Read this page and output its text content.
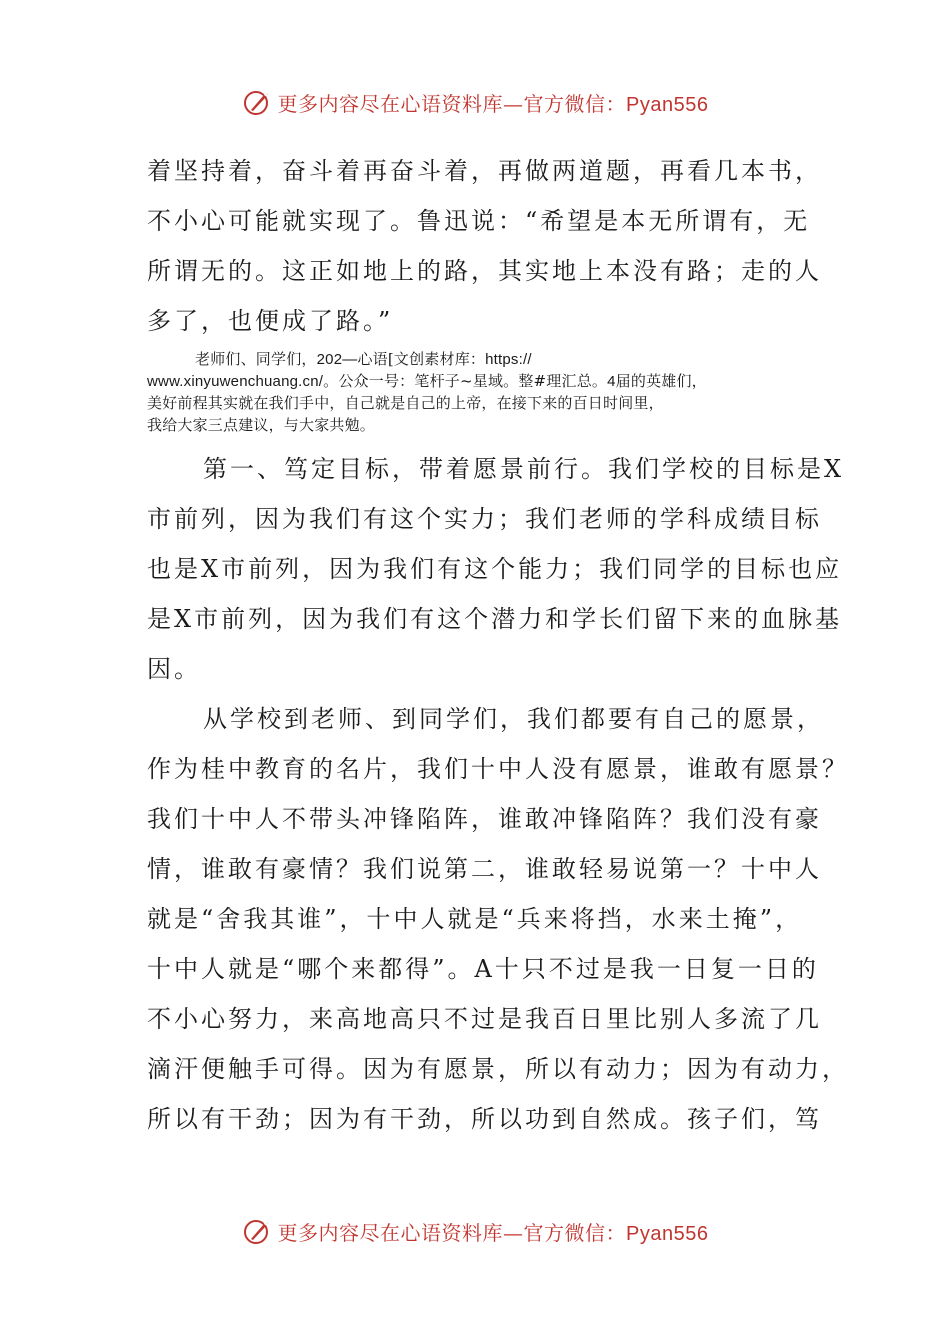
更多内容尽在心语资料库—官方微信：Pyan556
着坚持着，奋斗着再奋斗着，再做两道题，再看几本书，
不小心可能就实现了。鲁迅说：“希望是本无所谓有，无
所谓无的。这正如地上的路，其实地上本没有路；走的人
多了，也便成了路。”
老师们、同学们，202—心语[文创素材库：https://
www.xinyuwenchuang.cn/。公众一号：笔杆子~星域。整#理汇总。4届的英雄们，
美好前程其实就在我们手中，自己就是自己的上帝，在接下来的百日时间里，
我给大家三点建议，与大家共勉。
第一、笃定目标，带着愿景前行。我们学校的目标是X
市前列，因为我们有这个实力；我们老师的学科成绩目标
也是X市前列，因为我们有这个能力；我们同学的目标也应
是X市前列，因为我们有这个潜力和学长们留下来的血脉基
因。
从学校到老师、到同学们，我们都要有自己的愿景，
作为桂中教育的名片，我们十中人没有愿景，谁敢有愿景？
我们十中人不带头冲锋陷阵，谁敢冲锋陷阵？我们没有豪
情，谁敢有豪情？我们说第二，谁敢轻易说第一？十中人
就是“舍我其谁”，十中人就是“兵来将挡，水来土掩”，
十中人就是“哪个来都得”。A十只不过是我一日复一日的
不小心努力，来高地高只不过是我百日里比别人多流了几
滴汗便触手可得。因为有愿景，所以有动力；因为有动力，
所以有干劲；因为有干劲，所以功到自然成。孩子们，笃
更多内容尽在心语资料库—官方微信：Pyan556
